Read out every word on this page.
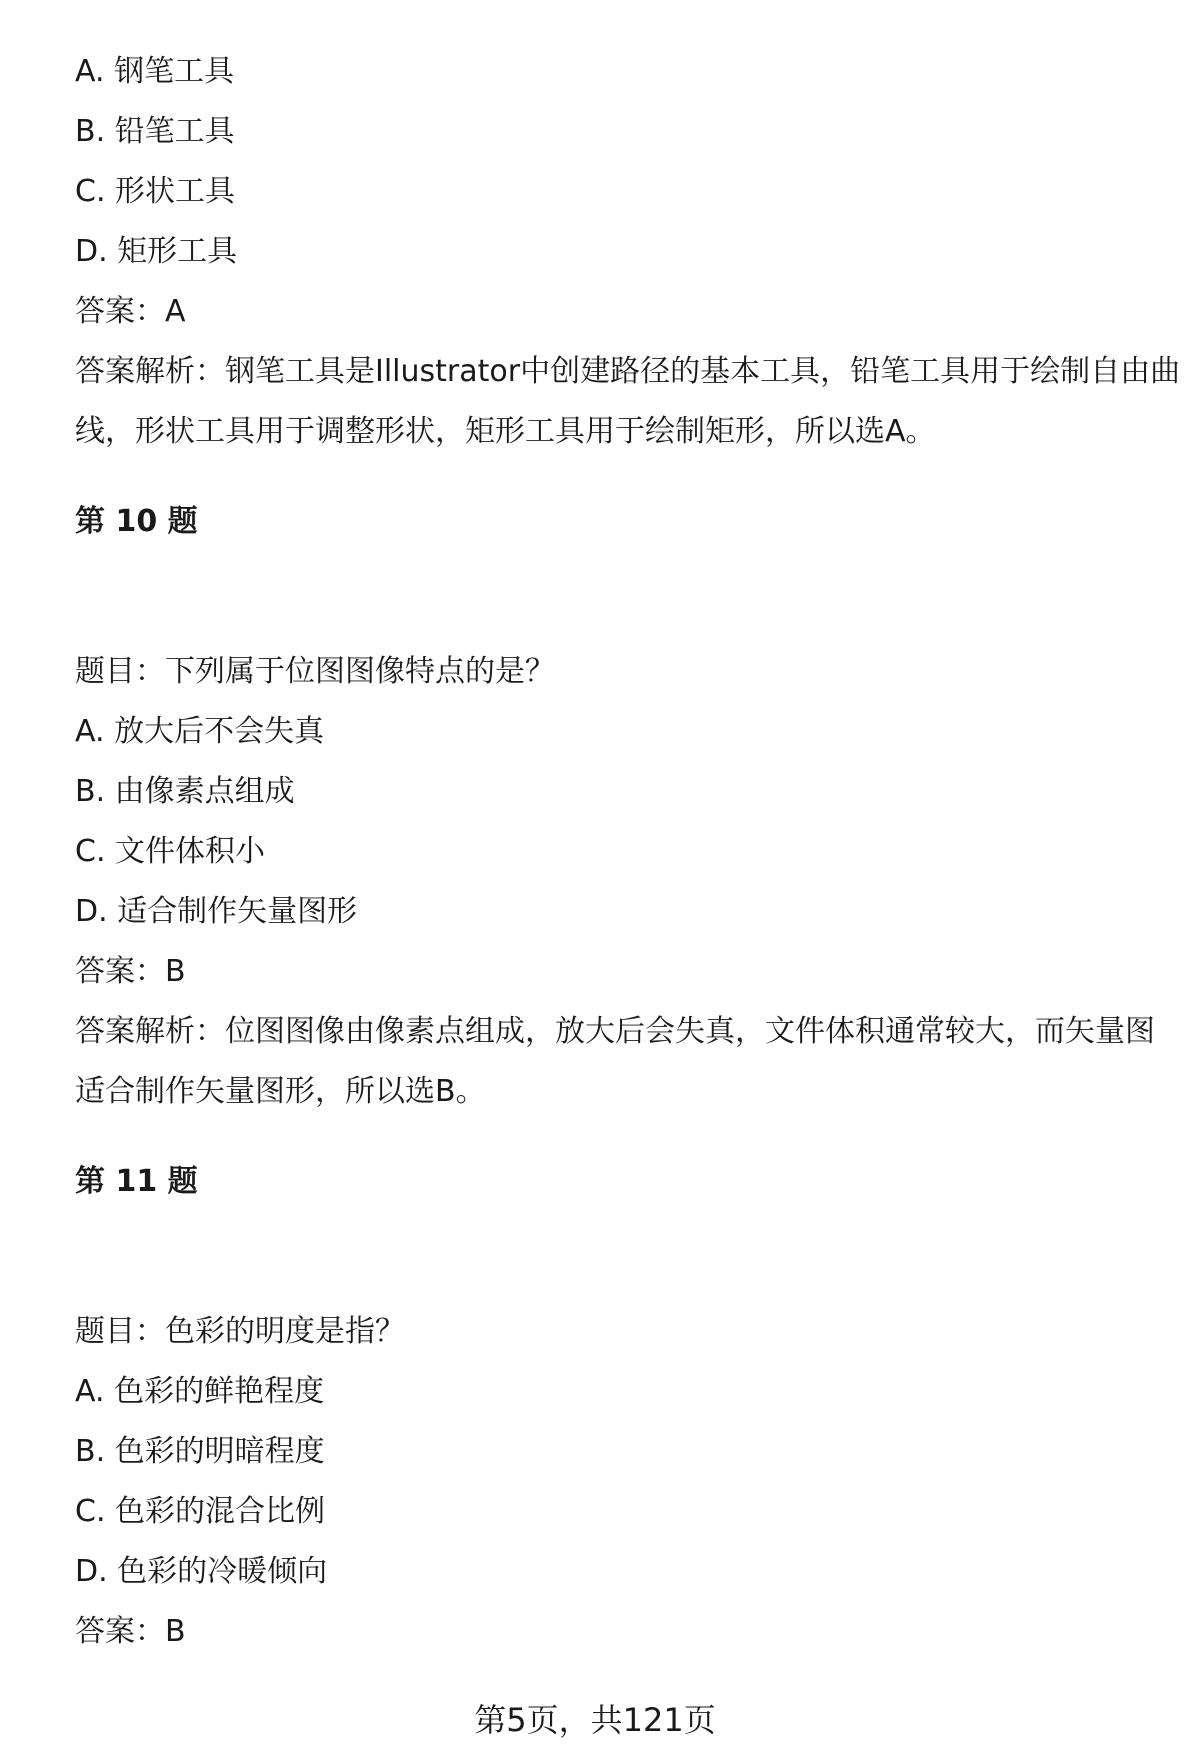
A. 钢笔工具
B. 铅笔工具
C. 形状工具
D. 矩形工具
答案：A
答案解析：钢笔工具是Illustrator中创建路径的基本工具，铅笔工具用于绘制自由曲
线，形状工具用于调整形状，矩形工具用于绘制矩形，所以选A。
第 10 题
题目：下列属于位图图像特点的是？
A. 放大后不会失真
B. 由像素点组成
C. 文件体积小
D. 适合制作矢量图形
答案：B
答案解析：位图图像由像素点组成，放大后会失真，文件体积通常较大，而矢量图
适合制作矢量图形，所以选B。
第 11 题
题目：色彩的明度是指？
A. 色彩的鲜艳程度
B. 色彩的明暗程度
C. 色彩的混合比例
D. 色彩的冷暖倾向
答案：B
第5页，共121页
